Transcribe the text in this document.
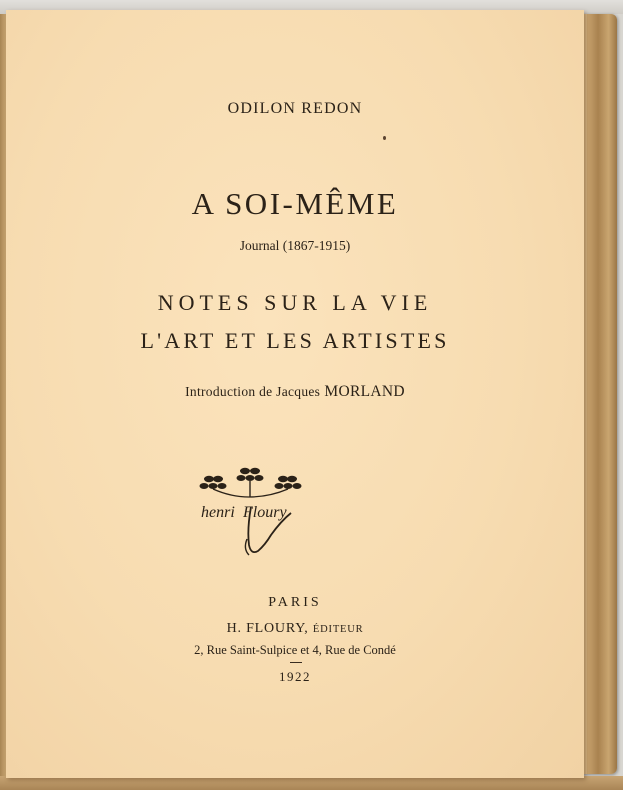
ODILON REDON
A SOI-MÊME
Journal (1867-1915)
NOTES SUR LA VIE
L'ART ET LES ARTISTES
Introduction de Jacques MORLAND
henri Floury
PARIS
H. FLOURY, ÉDITEUR
2, Rue Saint-Sulpice et 4, Rue de Condé
1922
